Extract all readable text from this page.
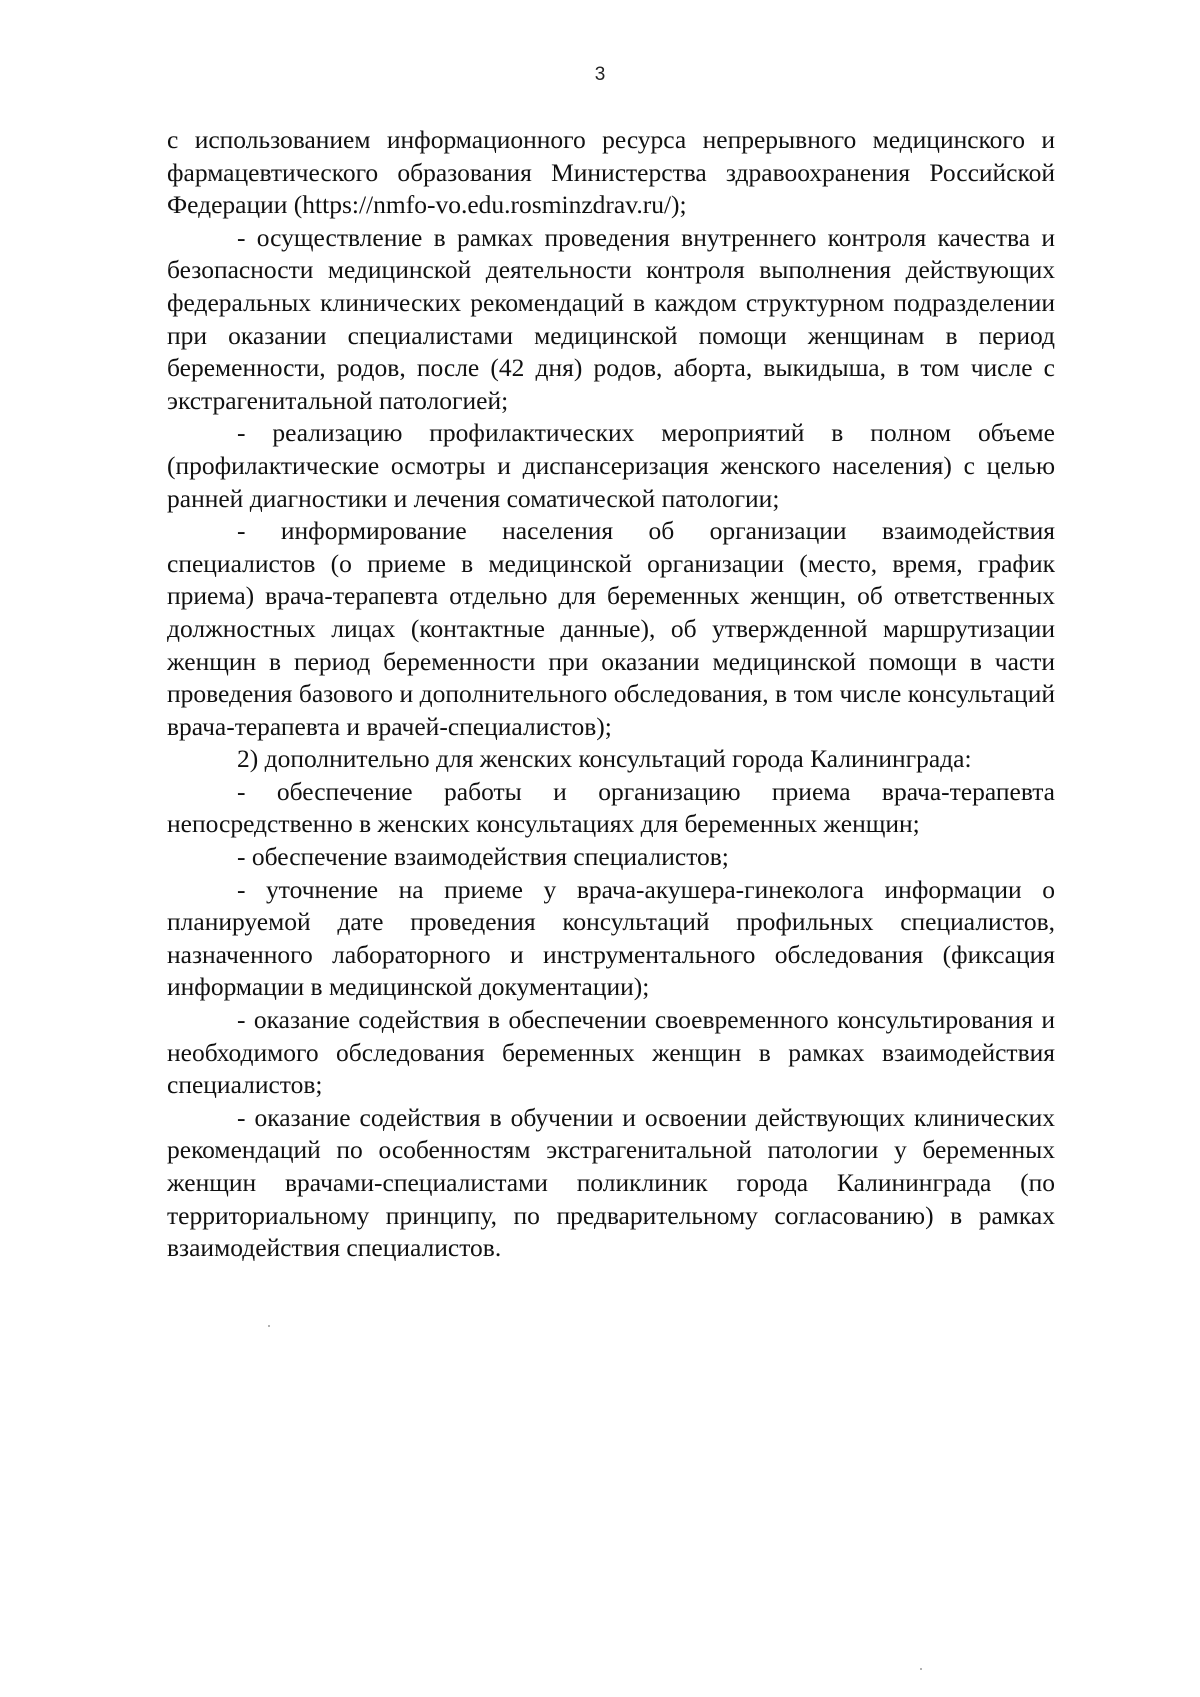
3

с использованием информационного ресурса непрерывного медицинского и фармацевтического образования Министерства здравоохранения Российской Федерации (https://nmfo-vo.edu.rosminzdrav.ru/);

- осуществление в рамках проведения внутреннего контроля качества и безопасности медицинской деятельности контроля выполнения действующих федеральных клинических рекомендаций в каждом структурном подразделении при оказании специалистами медицинской помощи женщинам в период беременности, родов, после (42 дня) родов, аборта, выкидыша, в том числе с экстрагенитальной патологией;

- реализацию профилактических мероприятий в полном объеме (профилактические осмотры и диспансеризация женского населения) с целью ранней диагностики и лечения соматической патологии;

- информирование населения об организации взаимодействия специалистов (о приеме в медицинской организации (место, время, график приема) врача-терапевта отдельно для беременных женщин, об ответственных должностных лицах (контактные данные), об утвержденной маршрутизации женщин в период беременности при оказании медицинской помощи в части проведения базового и дополнительного обследования, в том числе консультаций врача-терапевта и врачей-специалистов);

2) дополнительно для женских консультаций города Калининграда:

- обеспечение работы и организацию приема врача-терапевта непосредственно в женских консультациях для беременных женщин;

- обеспечение взаимодействия специалистов;

- уточнение на приеме у врача-акушера-гинеколога информации о планируемой дате проведения консультаций профильных специалистов, назначенного лабораторного и инструментального обследования (фиксация информации в медицинской документации);

- оказание содействия в обеспечении своевременного консультирования и необходимого обследования беременных женщин в рамках взаимодействия специалистов;

- оказание содействия в обучении и освоении действующих клинических рекомендаций по особенностям экстрагенитальной патологии у беременных женщин врачами-специалистами поликлиник города Калининграда (по территориальному принципу, по предварительному согласованию) в рамках взаимодействия специалистов.
